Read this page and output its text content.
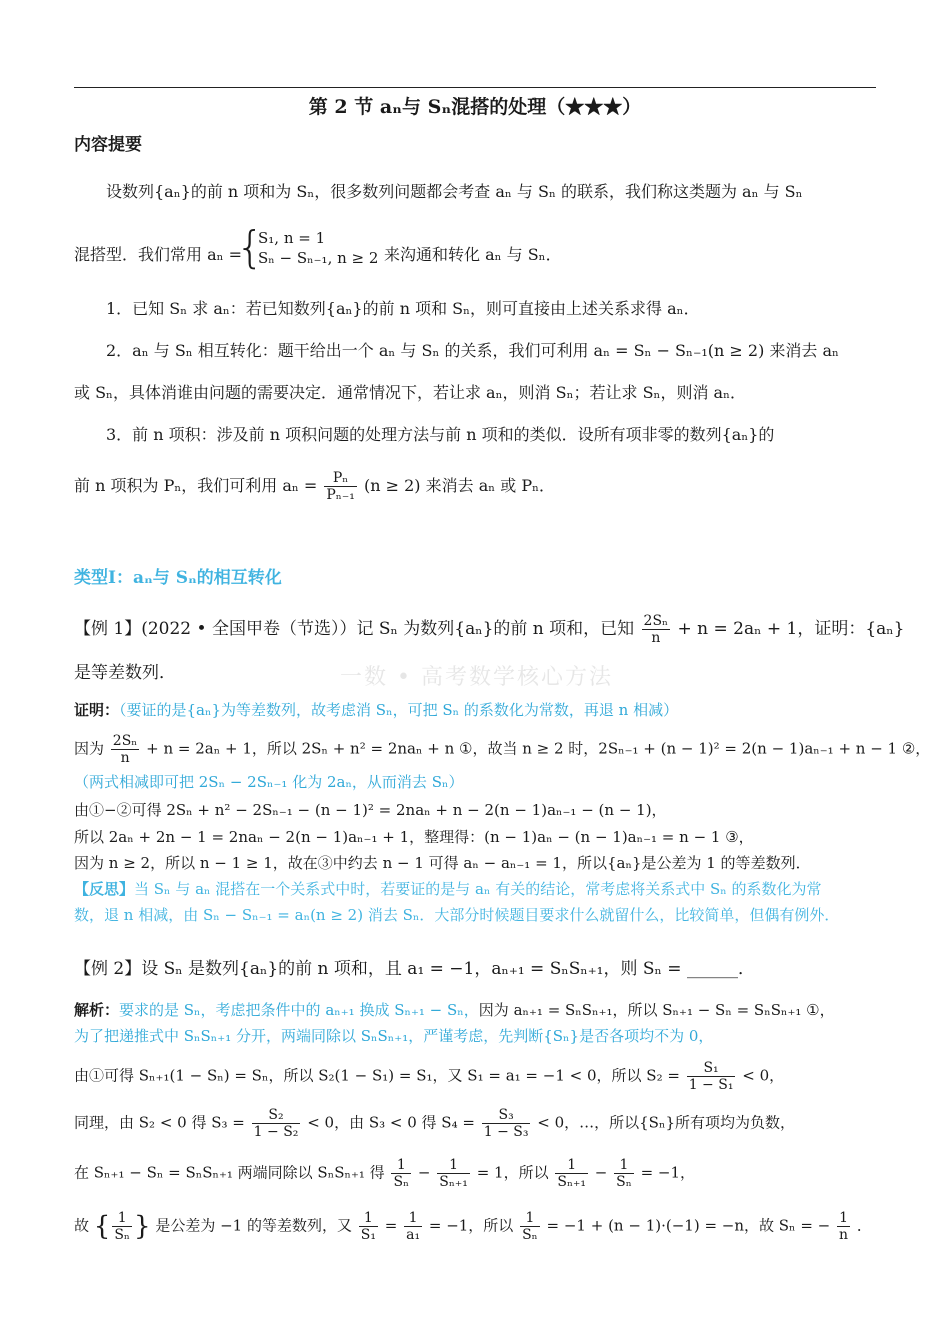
第 2 节 aₙ与 Sₙ混搭的处理（★★★）
内容提要
设数列{aₙ}的前 n 项和为 Sₙ，很多数列问题都会考查 aₙ 与 Sₙ 的联系，我们称这类题为 aₙ 与 Sₙ
混搭型．我们常用 aₙ =
{
S₁, n = 1
Sₙ − Sₙ₋₁, n ≥ 2 来沟通和转化 aₙ 与 Sₙ．
1．已知 Sₙ 求 aₙ：若已知数列{aₙ}的前 n 项和 Sₙ，则可直接由上述关系求得 aₙ．
2．aₙ 与 Sₙ 相互转化：题干给出一个 aₙ 与 Sₙ 的关系，我们可利用 aₙ = Sₙ − Sₙ₋₁(n ≥ 2) 来消去 aₙ
或 Sₙ，具体消谁由问题的需要决定．通常情况下，若让求 aₙ，则消 Sₙ；若让求 Sₙ，则消 aₙ．
3．前 n 项积：涉及前 n 项积问题的处理方法与前 n 项和的类似．设所有项非零的数列{aₙ}的
前 n 项积为 Pₙ，我们可利用 $a_n = \frac{\text{Pₙ}}{\text{Pₙ₋₁}} (n \ge 2)$ 来消去 aₙ 或 Pₙ．
类型Ⅰ：aₙ与 Sₙ的相互转化
一数 • 高考数学核心方法
【例 1】(2022 • 全国甲卷（节选））记 Sₙ 为数列{aₙ}的前 n 项和，已知 $\frac{\text{2Sₙ}}{n} + n = 2a_n + 1$，证明：{aₙ}
是等差数列．
证明：（要证的是{aₙ}为等差数列，故考虑消 Sₙ，可把 Sₙ 的系数化为常数，再退 n 相减）
因为 $\frac{\text{2Sₙ}}{n} + n = 2a_n + 1$，所以 2Sₙ + n² = 2naₙ + n ①，故当 n ≥ 2 时，2Sₙ₋₁ + (n − 1)² = 2(n − 1)aₙ₋₁ + n − 1 ②，
（两式相减即可把 2Sₙ − 2Sₙ₋₁ 化为 2aₙ，从而消去 Sₙ）
由①−②可得 2Sₙ + n² − 2Sₙ₋₁ − (n − 1)² = 2naₙ + n − 2(n − 1)aₙ₋₁ − (n − 1)，
所以 2aₙ + 2n − 1 = 2naₙ − 2(n − 1)aₙ₋₁ + 1，整理得：(n − 1)aₙ − (n − 1)aₙ₋₁ = n − 1 ③，
因为 n ≥ 2，所以 n − 1 ≥ 1，故在③中约去 n − 1 可得 aₙ − aₙ₋₁ = 1，所以{aₙ}是公差为 1 的等差数列．
【反思】当 Sₙ 与 aₙ 混搭在一个关系式中时，若要证的是与 aₙ 有关的结论，常考虑将关系式中 Sₙ 的系数化为常
数，退 n 相减，由 Sₙ − Sₙ₋₁ = aₙ(n ≥ 2) 消去 Sₙ．大部分时候题目要求什么就留什么，比较简单，但偶有例外．
【例 2】设 Sₙ 是数列{aₙ}的前 n 项和，且 a₁ = −1，aₙ₊₁ = SₙSₙ₊₁，则 Sₙ = ______．
解析：要求的是 Sₙ，考虑把条件中的 aₙ₊₁ 换成 Sₙ₊₁ − Sₙ，因为 aₙ₊₁ = SₙSₙ₊₁，所以 Sₙ₊₁ − Sₙ = SₙSₙ₊₁ ①，
为了把递推式中 SₙSₙ₊₁ 分开，两端同除以 SₙSₙ₊₁，严谨考虑，先判断{Sₙ}是否各项均不为 0，
由①可得 Sₙ₊₁(1 − Sₙ) = Sₙ，所以 S₂(1 − S₁) = S₁，又 S₁ = a₁ = −1 < 0，所以 $S_2 = \frac{\text{S₁}}{\text{1 − S₁}} < 0$，
同理，由 S₂ < 0 得 $S_3 = \frac{\text{S₂}}{\text{1 − S₂}} < 0$，由 S₃ < 0 得 $S_4 = \frac{\text{S₃}}{\text{1 − S₃}} < 0$，…，所以{Sₙ}所有项均为负数，
在 Sₙ₊₁ − Sₙ = SₙSₙ₊₁ 两端同除以 SₙSₙ₊₁ 得 $\frac{1}{\text{Sₙ}} - \frac{1}{\text{Sₙ₊₁}} = 1$，所以 $\frac{1}{\text{Sₙ₊₁}} - \frac{1}{\text{Sₙ}} = -1$，
故 { $\frac{1}{\text{Sₙ}}$ } 是公差为 −1 的等差数列，又 $\frac{1}{\text{S₁}} = \frac{1}{\text{a₁}} = -1$，所以 $\frac{1}{\text{Sₙ}} = -1 + (n - 1)\cdot(-1) = -n$，故 Sₙ = − $\frac{1}{n}$ ．
